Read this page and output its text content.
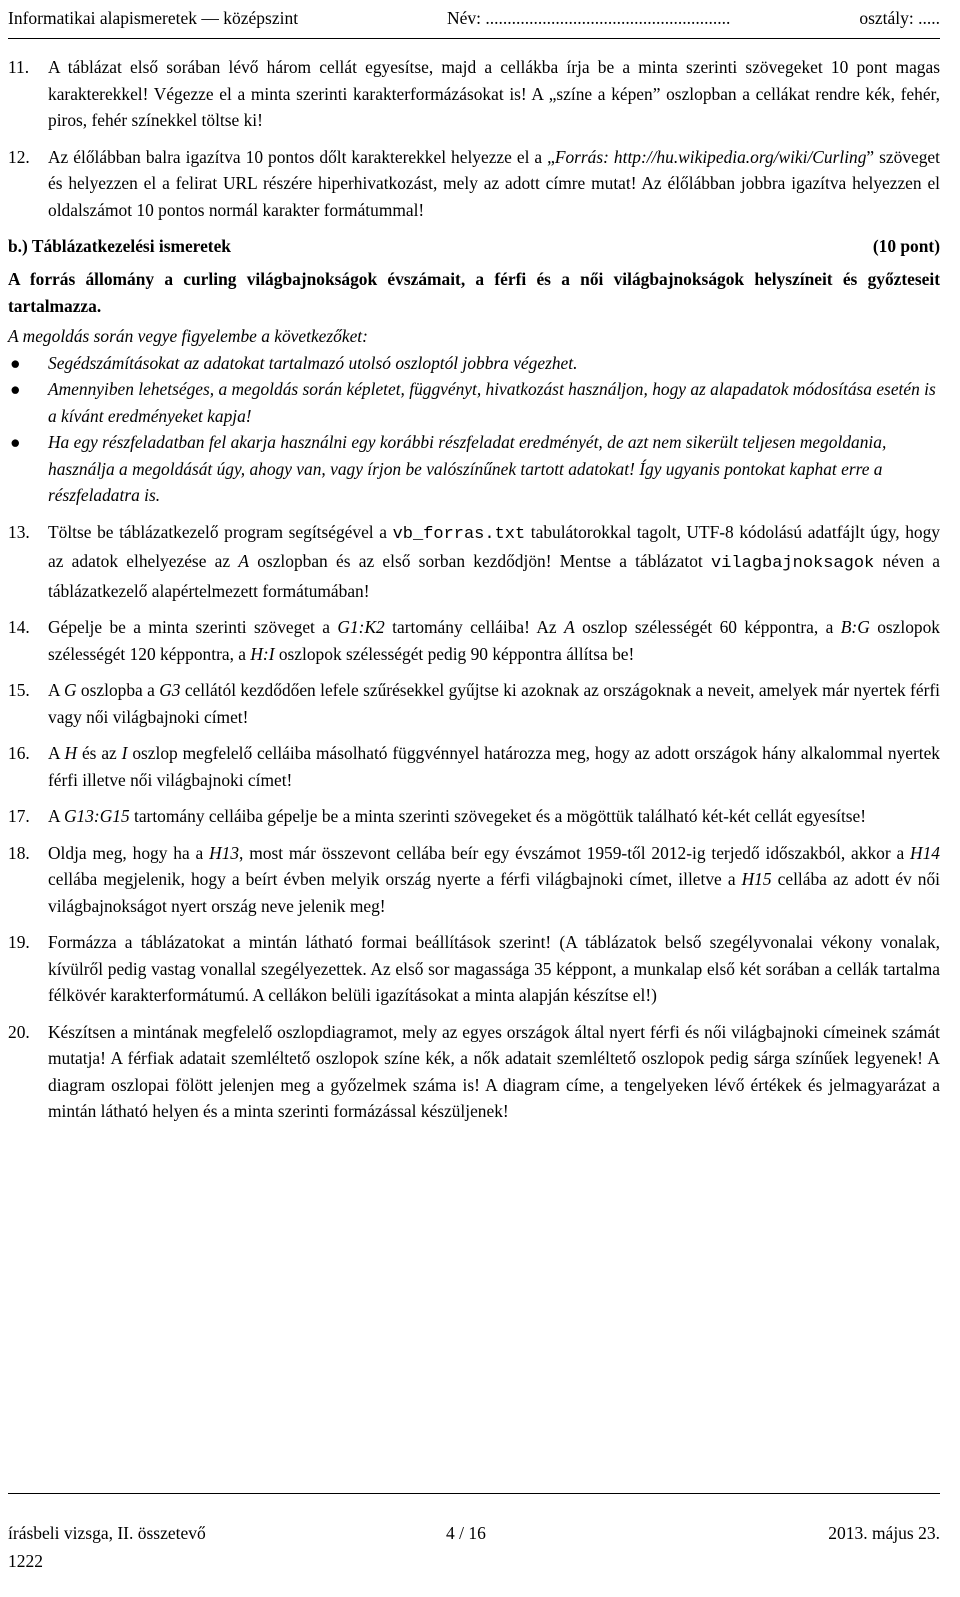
Informatikai alapismeretek — középszint	Név: ........................................................	osztály: .....
11. A táblázat első sorában lévő három cellát egyesítse, majd a cellákba írja be a minta szerinti szövegeket 10 pont magas karakterekkel! Végezze el a minta szerinti karakterformázásokat is! A „színe a képen” oszlopban a cellákat rendre kék, fehér, piros, fehér színekkel töltse ki!
12. Az élőlábban balra igazítva 10 pontos dőlt karakterekkel helyezze el a „Forrás: http://hu.wikipedia.org/wiki/Curling” szöveget és helyezzen el a felirat URL részére hiperhivatkozást, mely az adott címre mutat! Az élőlábban jobbra igazítva helyezzen el oldalszámot 10 pontos normál karakter formátummal!
b.) Táblázatkezelési ismeretek	(10 pont)
A forrás állomány a curling világbajnokságok évszámait, a férfi és a női világbajnokságok helyszíneit és győzteseit tartalmazza.
A megoldás során vegye figyelembe a következőket:
● Segédszámításokat az adatokat tartalmazó utolsó oszloptól jobbra végezhet.
● Amennyiben lehetséges, a megoldás során képletet, függvényt, hivatkozást használjon, hogy az alapadatok módosítása esetén is a kívánt eredményeket kapja!
● Ha egy részfeladatban fel akarja használni egy korábbi részfeladat eredményét, de azt nem sikerült teljesen megoldania, használja a megoldását úgy, ahogy van, vagy írjon be valószínűnek tartott adatokat! Így ugyanis pontokat kaphat erre a részfeladatra is.
13. Töltse be táblázatkezelő program segítségével a vb_forras.txt tabulátorokkal tagolt, UTF-8 kódolású adatfájlt úgy, hogy az adatok elhelyezése az A oszlopban és az első sorban kezdődjön! Mentse a táblázatot vilagbajnoksagok néven a táblázatkezelő alapértelmezett formátumában!
14. Gépelje be a minta szerinti szöveget a G1:K2 tartomány celláiba! Az A oszlop szélességét 60 képpontra, a B:G oszlopok szélességét 120 képpontra, a H:I oszlopok szélességét pedig 90 képpontra állítsa be!
15. A G oszlopba a G3 cellától kezdődően lefele szűrésekkel gyűjtse ki azoknak az országoknak a neveit, amelyek már nyertek férfi vagy női világbajnoki címet!
16. A H és az I oszlop megfelelő celláiba másolható függvénnyel határozza meg, hogy az adott országok hány alkalommal nyertek férfi illetve női világbajnoki címet!
17. A G13:G15 tartomány celláiba gépelje be a minta szerinti szövegeket és a mögöttük található két-két cellát egyesítse!
18. Oldja meg, hogy ha a H13, most már összevont cellába beír egy évszámot 1959-től 2012-ig terjedő időszakból, akkor a H14 cellába megjelenik, hogy a beírt évben melyik ország nyerte a férfi világbajnoki címet, illetve a H15 cellába az adott év női világbajnokságot nyert ország neve jelenik meg!
19. Formázza a táblázatokat a mintán látható formai beállítások szerint! (A táblázatok belső szegélyvonalai vékony vonalak, kívülről pedig vastag vonallal szegélyezettek. Az első sor magassága 35 képpont, a munkalap első két sorában a cellák tartalma félkövér karakterformátumú. A cellákon belüli igazításokat a minta alapján készítse el!)
20. Készítsen a mintának megfelelő oszlopdiagramot, mely az egyes országok által nyert férfi és női világbajnoki címeinek számát mutatja! A férfiak adatait szemléltető oszlopok színe kék, a nők adatait szemléltető oszlopok pedig sárga színűek legyenek! A diagram oszlopai fölött jelenjen meg a győzelmek száma is! A diagram címe, a tengelyeken lévő értékek és jelmagyarázat a mintán látható helyen és a minta szerinti formázással készüljenek!
írásbeli vizsga, II. összetevő	4 / 16	2013. május 23.
1222
